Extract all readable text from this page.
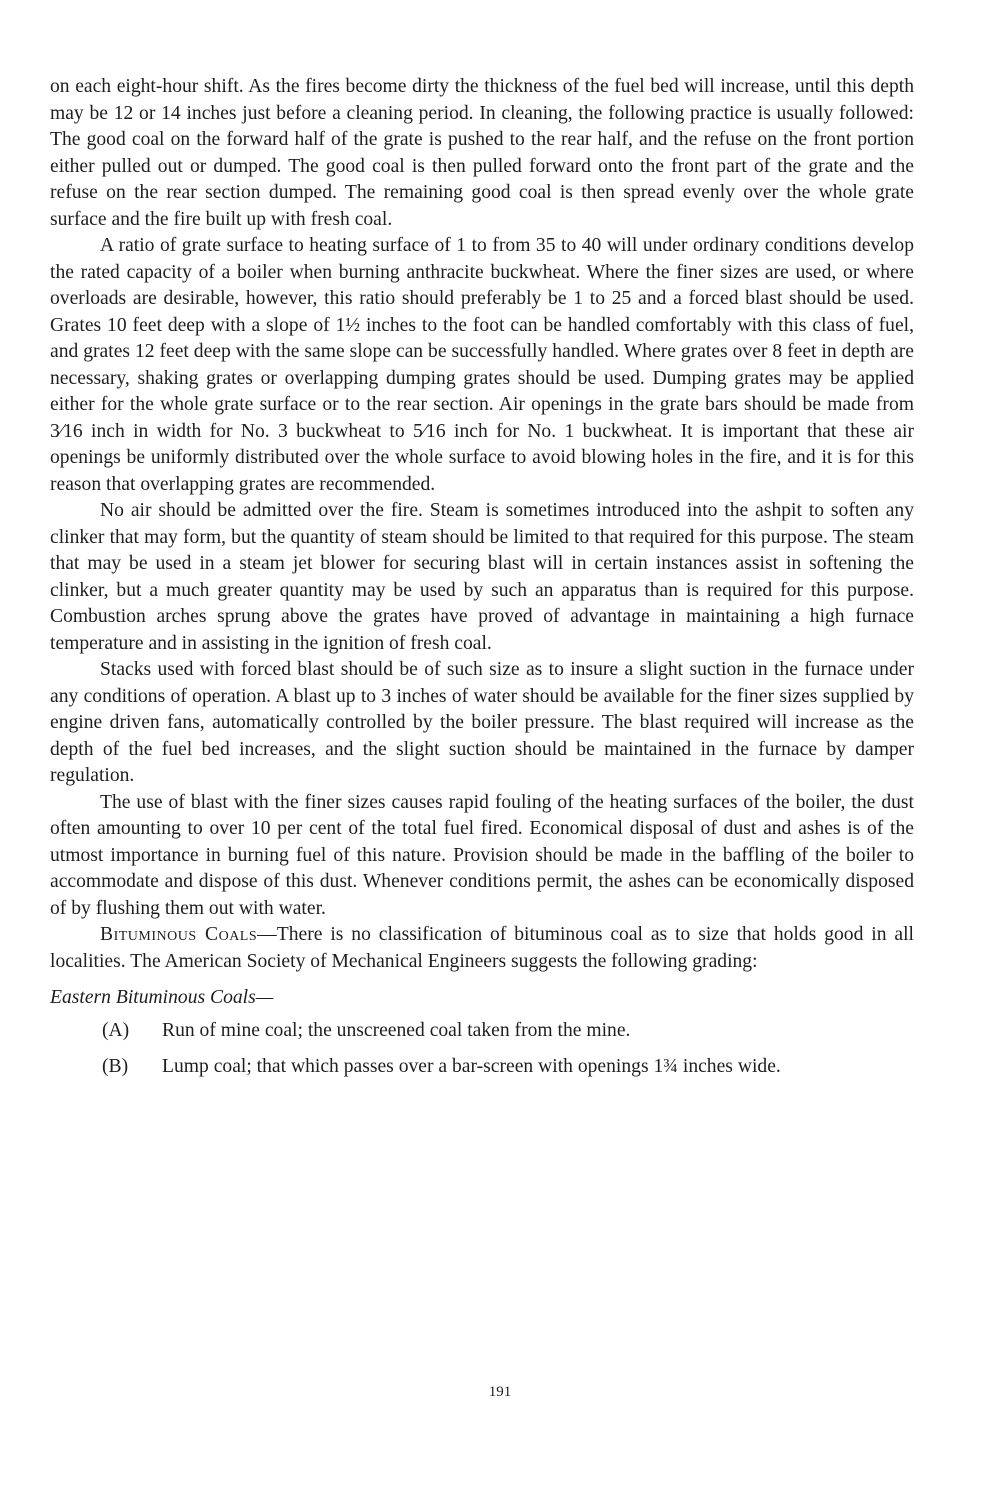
on each eight-hour shift. As the fires become dirty the thickness of the fuel bed will increase, until this depth may be 12 or 14 inches just before a cleaning period. In cleaning, the following practice is usually followed: The good coal on the forward half of the grate is pushed to the rear half, and the refuse on the front portion either pulled out or dumped. The good coal is then pulled forward onto the front part of the grate and the refuse on the rear section dumped. The remaining good coal is then spread evenly over the whole grate surface and the fire built up with fresh coal.

A ratio of grate surface to heating surface of 1 to from 35 to 40 will under ordinary conditions develop the rated capacity of a boiler when burning anthracite buckwheat. Where the finer sizes are used, or where overloads are desirable, however, this ratio should preferably be 1 to 25 and a forced blast should be used. Grates 10 feet deep with a slope of 1½ inches to the foot can be handled comfortably with this class of fuel, and grates 12 feet deep with the same slope can be successfully handled. Where grates over 8 feet in depth are necessary, shaking grates or overlapping dumping grates should be used. Dumping grates may be applied either for the whole grate surface or to the rear section. Air openings in the grate bars should be made from 3⁄16 inch in width for No. 3 buckwheat to 5⁄16 inch for No. 1 buckwheat. It is important that these air openings be uniformly distributed over the whole surface to avoid blowing holes in the fire, and it is for this reason that overlapping grates are recommended.

No air should be admitted over the fire. Steam is sometimes introduced into the ashpit to soften any clinker that may form, but the quantity of steam should be limited to that required for this purpose. The steam that may be used in a steam jet blower for securing blast will in certain instances assist in softening the clinker, but a much greater quantity may be used by such an apparatus than is required for this purpose. Combustion arches sprung above the grates have proved of advantage in maintaining a high furnace temperature and in assisting in the ignition of fresh coal.

Stacks used with forced blast should be of such size as to insure a slight suction in the furnace under any conditions of operation. A blast up to 3 inches of water should be available for the finer sizes supplied by engine driven fans, automatically controlled by the boiler pressure. The blast required will increase as the depth of the fuel bed increases, and the slight suction should be maintained in the furnace by damper regulation.

The use of blast with the finer sizes causes rapid fouling of the heating surfaces of the boiler, the dust often amounting to over 10 per cent of the total fuel fired. Economical disposal of dust and ashes is of the utmost importance in burning fuel of this nature. Provision should be made in the baffling of the boiler to accommodate and dispose of this dust. Whenever conditions permit, the ashes can be economically disposed of by flushing them out with water.

Bituminous Coals—There is no classification of bituminous coal as to size that holds good in all localities. The American Society of Mechanical Engineers suggests the following grading:

Eastern Bituminous Coals—

(A)	Run of mine coal; the unscreened coal taken from the mine.
(B)	Lump coal; that which passes over a bar-screen with openings 1¾ inches wide.
191
